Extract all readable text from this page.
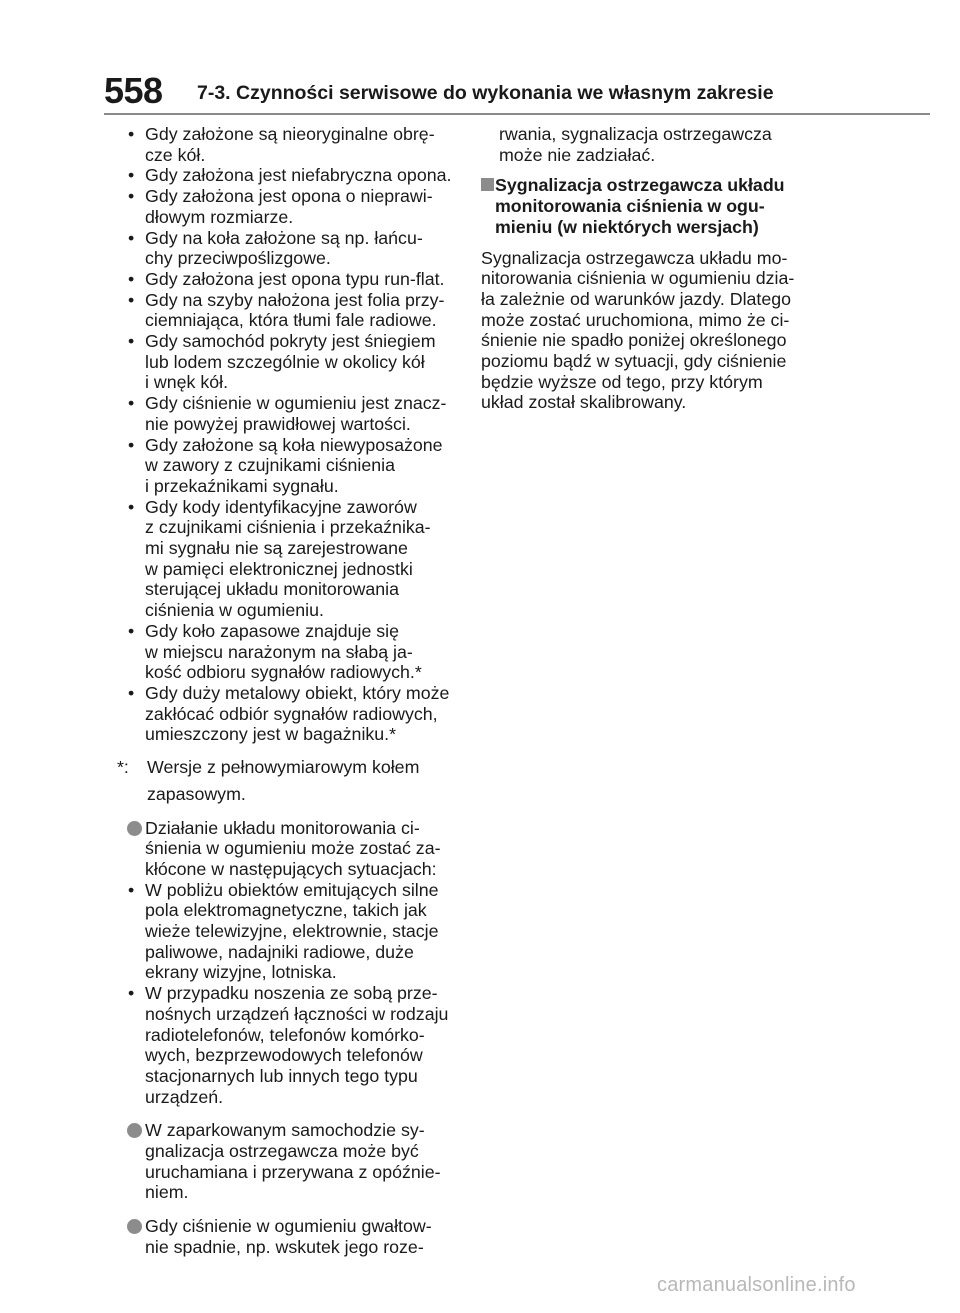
558 7-3. Czynności serwisowe do wykonania we własnym zakresie
• Gdy założone są nieoryginalne obrę-
cze kół.
• Gdy założona jest niefabryczna opona.
• Gdy założona jest opona o nieprawi-
dłowym rozmiarze.
• Gdy na koła założone są np. łańcu-
chy przeciwpoślizgowe.
• Gdy założona jest opona typu run-flat.
• Gdy na szyby nałożona jest folia przy-
ciemniająca, która tłumi fale radiowe.
• Gdy samochód pokryty jest śniegiem
lub lodem szczególnie w okolicy kół
i wnęk kół.
• Gdy ciśnienie w ogumieniu jest znacz-
nie powyżej prawidłowej wartości.
• Gdy założone są koła niewyposażone
w zawory z czujnikami ciśnienia
i przekaźnikami sygnału.
• Gdy kody identyfikacyjne zaworów
z czujnikami ciśnienia i przekaźnika-
mi sygnału nie są zarejestrowane
w pamięci elektronicznej jednostki
sterującej układu monitorowania
ciśnienia w ogumieniu.
• Gdy koło zapasowe znajduje się
w miejscu narażonym na słabą ja-
kość odbioru sygnałów radiowych.*
• Gdy duży metalowy obiekt, który może
zakłócać odbiór sygnałów radiowych,
umieszczony jest w bagażniku.*
*:	Wersje z pełnowymiarowym kołem
zapasowym.
Działanie układu monitorowania ci-
śnienia w ogumieniu może zostać za-
kłócone w następujących sytuacjach:
• W pobliżu obiektów emitujących silne
pola elektromagnetyczne, takich jak
wieże telewizyjne, elektrownie, stacje
paliwowe, nadajniki radiowe, duże
ekrany wizyjne, lotniska.
• W przypadku noszenia ze sobą prze-
nośnych urządzeń łączności w rodzaju
radiotelefonów, telefonów komórko-
wych, bezprzewodowych telefonów
stacjonarnych lub innych tego typu
urządzeń.
W zaparkowanym samochodzie sy-
gnalizacja ostrzegawcza może być
uruchamiana i przerywana z opóźnie-
niem.
Gdy ciśnienie w ogumieniu gwałtow-
nie spadnie, np. wskutek jego roze-
rwania, sygnalizacja ostrzegawcza
może nie zadziałać.
Sygnalizacja ostrzegawcza układu
monitorowania ciśnienia w ogu-
mieniu (w niektórych wersjach)
Sygnalizacja ostrzegawcza układu mo-
nitorowania ciśnienia w ogumieniu dzia-
ła zależnie od warunków jazdy. Dlatego
może zostać uruchomiona, mimo że ci-
śnienie nie spadło poniżej określonego
poziomu bądź w sytuacji, gdy ciśnienie
będzie wyższe od tego, przy którym
układ został skalibrowany.
carmanualsonline.info
